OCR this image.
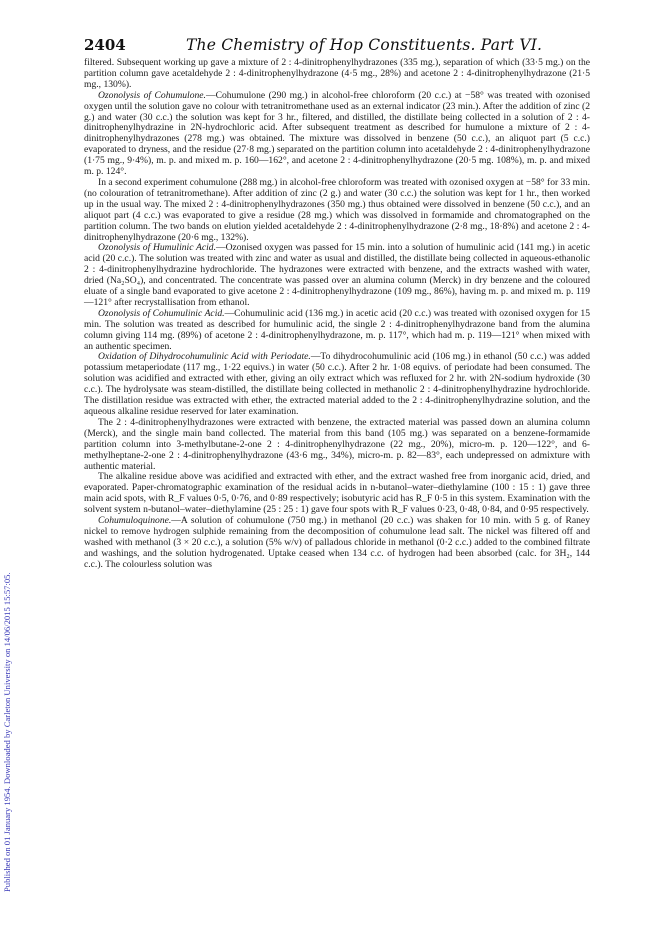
2404	The Chemistry of Hop Constituents. Part VI.
Published on 01 January 1954. Downloaded by Carleton University on 14/06/2015 15:57:05.

filtered. Subsequent working up gave a mixture of 2 : 4-dinitrophenylhydrazones (335 mg.), separation of which (33·5 mg.) on the partition column gave acetaldehyde 2 : 4-dinitrophenylhydrazone (4·5 mg., 28%) and acetone 2 : 4-dinitrophenylhydrazone (21·5 mg., 130%).

Ozonolysis of Cohumulone.—Cohumulone (290 mg.) in alcohol-free chloroform (20 c.c.) at −58° was treated with ozonised oxygen until the solution gave no colour with tetranitromethane used as an external indicator (23 min.). After the addition of zinc (2 g.) and water (30 c.c.) the solution was kept for 3 hr., filtered, and distilled, the distillate being collected in a solution of 2 : 4-dinitrophenylhydrazine in 2N-hydrochloric acid. After subsequent treatment as described for humulone a mixture of 2 : 4-dinitrophenylhydrazones (278 mg.) was obtained. The mixture was dissolved in benzene (50 c.c.), an aliquot part (5 c.c.) evaporated to dryness, and the residue (27·8 mg.) separated on the partition column into acetaldehyde 2 : 4-dinitrophenylhydrazone (1·75 mg., 9·4%), m. p. and mixed m. p. 160—162°, and acetone 2 : 4-dinitrophenylhydrazone (20·5 mg. 108%), m. p. and mixed m. p. 124°.

In a second experiment cohumulone (288 mg.) in alcohol-free chloroform was treated with ozonised oxygen at −58° for 33 min. (no colouration of tetranitromethane). After addition of zinc (2 g.) and water (30 c.c.) the solution was kept for 1 hr., then worked up in the usual way. The mixed 2 : 4-dinitrophenylhydrazones (350 mg.) thus obtained were dissolved in benzene (50 c.c.), and an aliquot part (4 c.c.) was evaporated to give a residue (28 mg.) which was dissolved in formamide and chromatographed on the partition column. The two bands on elution yielded acetaldehyde 2 : 4-dinitrophenylhydrazone (2·8 mg., 18·8%) and acetone 2 : 4-dinitrophenylhydrazone (20·6 mg., 132%).

Ozonolysis of Humulinic Acid.—Ozonised oxygen was passed for 15 min. into a solution of humulinic acid (141 mg.) in acetic acid (20 c.c.). The solution was treated with zinc and water as usual and distilled, the distillate being collected in aqueous-ethanolic 2 : 4-dinitrophenylhydrazine hydrochloride. The hydrazones were extracted with benzene, and the extracts washed with water, dried (Na₂SO₄), and concentrated. The concentrate was passed over an alumina column (Merck) in dry benzene and the coloured eluate of a single band evaporated to give acetone 2 : 4-dinitrophenylhydrazone (109 mg., 86%), having m. p. and mixed m. p. 119—121° after recrystallisation from ethanol.

Ozonolysis of Cohumulinic Acid.—Cohumulinic acid (136 mg.) in acetic acid (20 c.c.) was treated with ozonised oxygen for 15 min. The solution was treated as described for humulinic acid, the single 2 : 4-dinitrophenylhydrazone band from the alumina column giving 114 mg. (89%) of acetone 2 : 4-dinitrophenylhydrazone, m. p. 117°, which had m. p. 119—121° when mixed with an authentic specimen.

Oxidation of Dihydrocohumulinic Acid with Periodate.—To dihydrocohumulinic acid (106 mg.) in ethanol (50 c.c.) was added potassium metaperiodate (117 mg., 1·22 equivs.) in water (50 c.c.). After 2 hr. 1·08 equivs. of periodate had been consumed. The solution was acidified and extracted with ether, giving an oily extract which was refluxed for 2 hr. with 2N-sodium hydroxide (30 c.c.). The hydrolysate was steam-distilled, the distillate being collected in methanolic 2 : 4-dinitrophenylhydrazine hydrochloride. The distillation residue was extracted with ether, the extracted material added to the 2 : 4-dinitrophenylhydrazine solution, and the aqueous alkaline residue reserved for later examination.

The 2 : 4-dinitrophenylhydrazones were extracted with benzene, the extracted material was passed down an alumina column (Merck), and the single main band collected. The material from this band (105 mg.) was separated on a benzene-formamide partition column into 3-methylbutane-2-one 2 : 4-dinitrophenylhydrazone (22 mg., 20%), micro-m. p. 120—122°, and 6-methylheptane-2-one 2 : 4-dinitrophenylhydrazone (43·6 mg., 34%), micro-m. p. 82—83°, each undepressed on admixture with authentic material.

The alkaline residue above was acidified and extracted with ether, and the extract washed free from inorganic acid, dried, and evaporated. Paper-chromatographic examination of the residual acids in n-butanol–water–diethylamine (100 : 15 : 1) gave three main acid spots, with R_F values 0·5, 0·76, and 0·89 respectively; isobutyric acid has R_F 0·5 in this system. Examination with the solvent system n-butanol–water–diethylamine (25 : 25 : 1) gave four spots with R_F values 0·23, 0·48, 0·84, and 0·95 respectively.

Cohumuloquinone.—A solution of cohumulone (750 mg.) in methanol (20 c.c.) was shaken for 10 min. with 5 g. of Raney nickel to remove hydrogen sulphide remaining from the decomposition of cohumulone lead salt. The nickel was filtered off and washed with methanol (3 × 20 c.c.), a solution (5% w/v) of palladous chloride in methanol (0·2 c.c.) added to the combined filtrate and washings, and the solution hydrogenated. Uptake ceased when 134 c.c. of hydrogen had been absorbed (calc. for 3H₂, 144 c.c.). The colourless solution was
